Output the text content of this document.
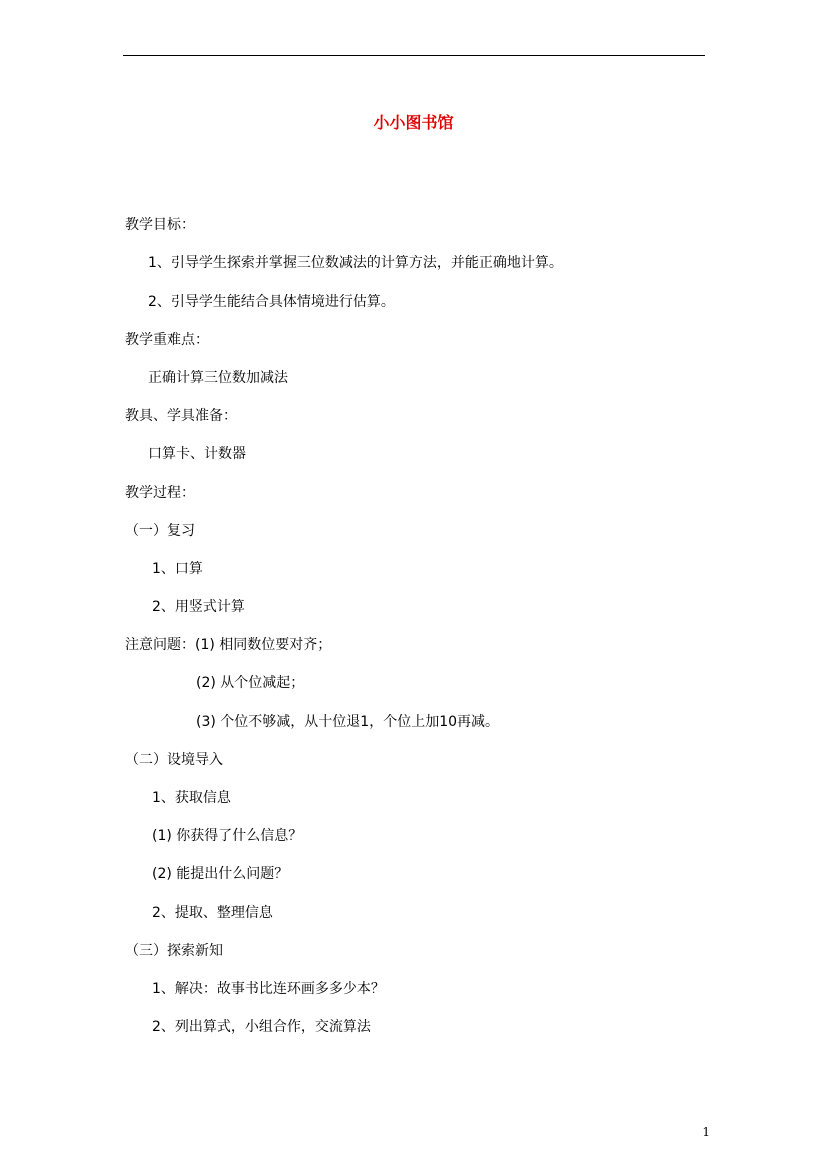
小小图书馆
教学目标：
1、引导学生探索并掌握三位数减法的计算方法，并能正确地计算。
2、引导学生能结合具体情境进行估算。
教学重难点：
正确计算三位数加减法
教具、学具准备：
口算卡、计数器
教学过程：
（一）复习
1、口算
2、用竖式计算
注意问题：(1) 相同数位要对齐；
(2) 从个位减起；
(3) 个位不够减，从十位退1，个位上加10再减。
（二）设境导入
1、获取信息
(1) 你获得了什么信息？
(2) 能提出什么问题？
2、提取、整理信息
（三）探索新知
1、解决：故事书比连环画多多少本？
2、列出算式，小组合作，交流算法
1
